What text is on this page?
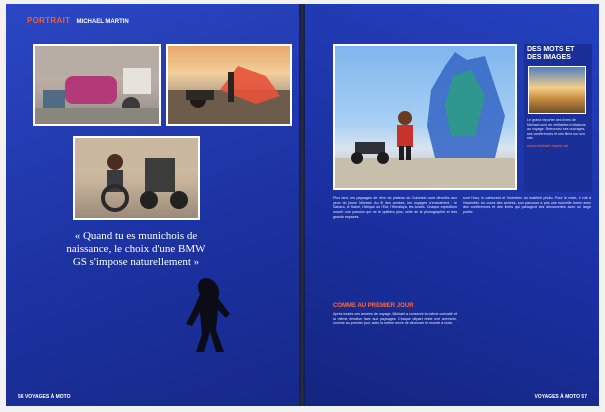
PORTRAIT MICHAEL MARTIN
« Quand tu es munichois de naissance, le choix d'une BMW GS s'impose naturellement »
56 VOYAGES À MOTO
DES MOTS ET DES IMAGES
Le grand reporter des livres de Michael sont de véritables invitations au voyage. Retrouvez ses ouvrages, ses conférences et ses films sur son site.
www.michael-martin.de
Plus tard, les paysages de rêve du plateau du Colorado sont dévoilés aux yeux du jeune Michael. Au fil des années, les voyages s'enchaînent : le Sahara, le Sahel, l'Afrique de l'Est, l'Himalaya, les Andes. Chaque expédition nourrit une passion qui ne le quittera plus, celle de la photographie et des grands espaces.
sont l'eau, le carburant et l'entretien du matériel photo. Pour le reste, il voit à l'essentiel. Au cours des années, son parcours a pris une nouvelle forme avec des conférences et des livres qui partagent ses découvertes avec un large public.
COMME AU PREMIER JOUR
Après toutes ces années de voyage, Michael a conservé la même curiosité et la même émotion face aux paysages. Chaque départ reste une aventure, comme au premier jour, avec la même envie de découvrir le monde à moto.
VOYAGES À MOTO 57
